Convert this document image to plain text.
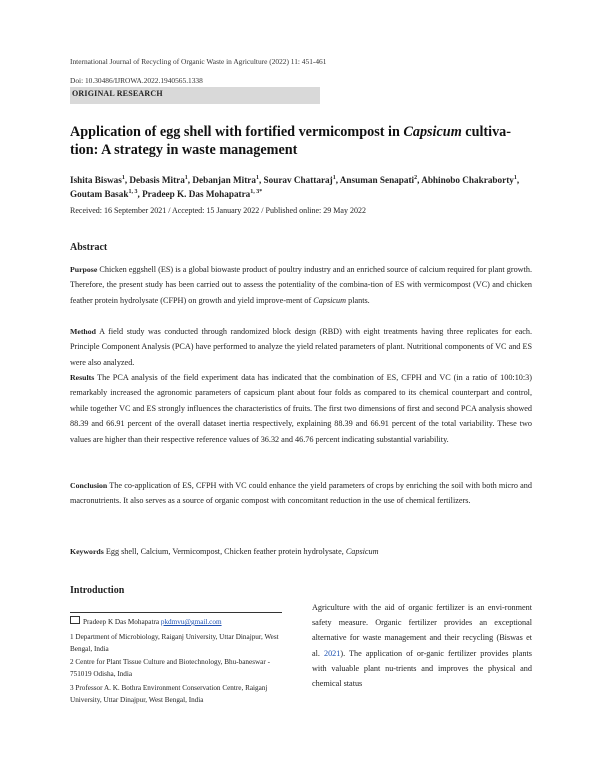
International Journal of Recycling of Organic Waste in Agriculture (2022) 11: 451-461
Doi: 10.30486/IJROWA.2022.1940565.1338
ORIGINAL RESEARCH
Application of egg shell with fortified vermicompost in Capsicum cultiva-tion: A strategy in waste management
Ishita Biswas$^1$, Debasis Mitra$^1$, Debanjan Mitra$^1$, Sourav Chattaraj$^1$, Ansuman Senapati$^2$, Abhinobo Chakraborty$^1$, Goutam Basak$^{1, 3}$, Pradeep K. Das Mohapatra$^{1, 3*}$
Received: 16 September 2021 / Accepted: 15 January 2022 / Published online: 29 May 2022
Abstract
Purpose Chicken eggshell (ES) is a global biowaste product of poultry industry and an enriched source of calcium required for plant growth. Therefore, the present study has been carried out to assess the potentiality of the combina-tion of ES with vermicompost (VC) and chicken feather protein hydrolysate (CFPH) on growth and yield improve-ment of Capsicum plants.
Method A field study was conducted through randomized block design (RBD) with eight treatments having three replicates for each. Principle Component Analysis (PCA) have performed to analyze the yield related parameters of plant. Nutritional components of VC and ES were also analyzed.
Results The PCA analysis of the field experiment data has indicated that the combination of ES, CFPH and VC (in a ratio of 100:10:3) remarkably increased the agronomic parameters of capsicum plant about four folds as compared to its chemical counterpart and control, while together VC and ES strongly influences the characteristics of fruits. The first two dimensions of first and second PCA analysis showed 88.39 and 66.91 percent of the overall dataset inertia respectively, explaining 88.39 and 66.91 percent of the total variability. These two values are higher than their respective reference values of 36.32 and 46.76 percent indicating substantial variability.
Conclusion The co-application of ES, CFPH with VC could enhance the yield parameters of crops by enriching the soil with both micro and macronutrients. It also serves as a source of organic compost with concomitant reduction in the use of chemical fertilizers.
Keywords Egg shell, Calcium, Vermicompost, Chicken feather protein hydrolysate, Capsicum
Introduction
Pradeep K Das Mohapatra pkdmvu@gmail.com
1 Department of Microbiology, Raiganj University, Uttar Dinajpur, West Bengal, India
2 Centre for Plant Tissue Culture and Biotechnology, Bhu-baneswar - 751019 Odisha, India
3 Professor A. K. Bothra Environment Conservation Centre, Raiganj University, Uttar Dinajpur, West Bengal, India
Agriculture with the aid of organic fertilizer is an envi-ronment safety measure. Organic fertilizer provides an exceptional alternative for waste management and their recycling (Biswas et al. 2021). The application of or-ganic fertilizer provides plants with valuable plant nu-trients and improves the physical and chemical status
